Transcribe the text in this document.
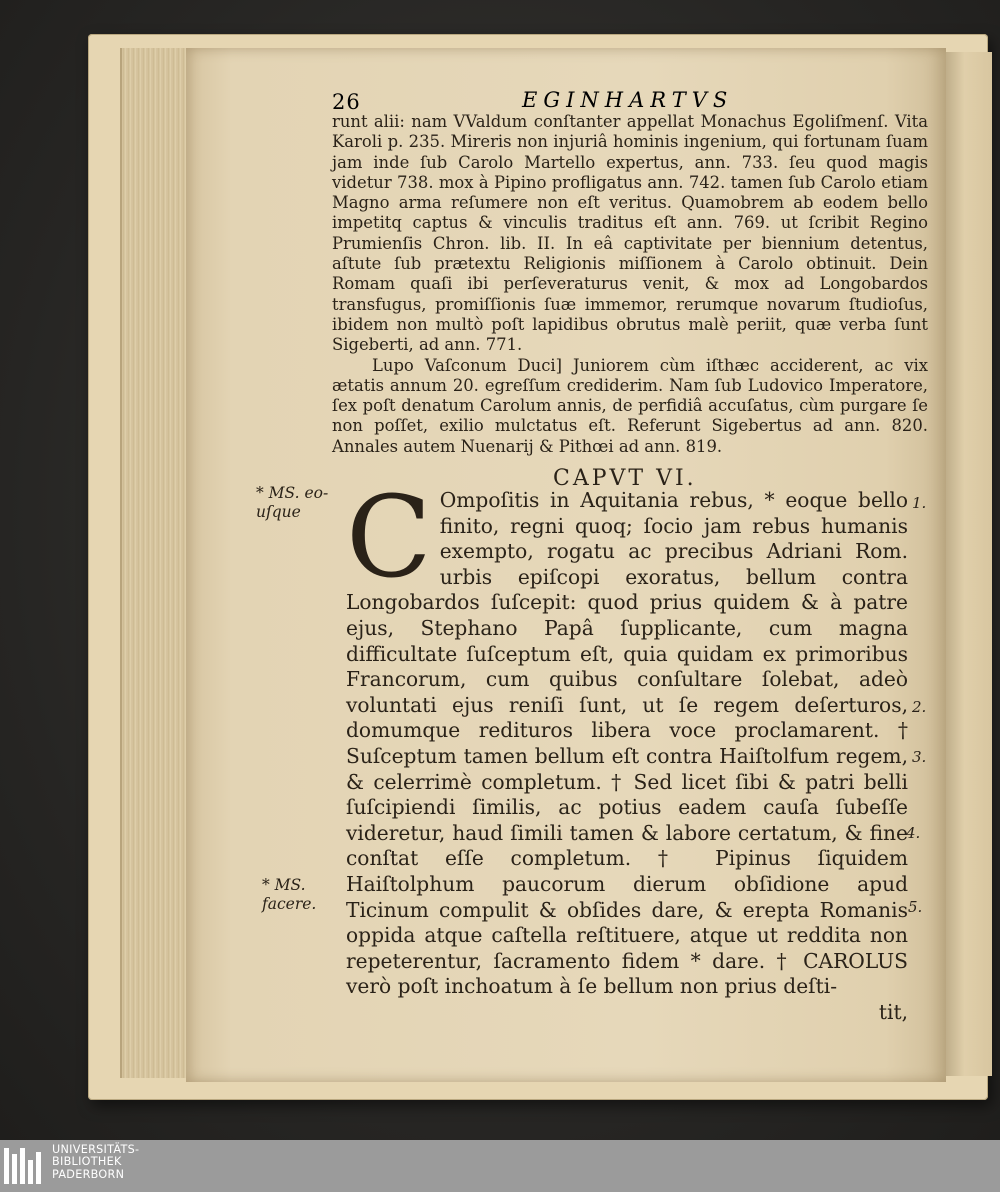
26	EGINHARTVS

runt alii: nam VValdum conſtanter appellat Monachus Egoliſmenſ. Vita Karoli p. 235. Mireris non injuriâ hominis ingenium, qui fortunam ſuam jam inde ſub Carolo Martello expertus, ann. 733. ſeu quod magis videtur 738. mox à Pipino profligatus ann. 742. tamen ſub Carolo etiam Magno arma reſumere non eſt veritus. Quamobrem ab eodem bello impetitq captus & vinculis traditus eſt ann. 769. ut ſcribit Regino Prumienſis Chron. lib. II. In eâ captivitate per biennium detentus, aſtute ſub prætextu Religionis miſſionem à Carolo obtinuit. Dein Romam quaſi ibi perſeveraturus venit, & mox ad Longobardos transfugus, promiſſionis ſuæ immemor, rerumque novarum ſtudioſus, ibidem non multò poſt lapidibus obrutus malè periit, quæ verba ſunt Sigeberti, ad ann. 771.

Lupo Vaſconum Duci] Juniorem cùm iſthæc acciderent, ac vix ætatis annum 20. egreſſum crediderim. Nam ſub Ludovico Imperatore, ſex poſt denatum Carolum annis, de perfidiâ accuſatus, cùm purgare ſe non poſſet, exilio mulctatus eſt. Referunt Sigebertus ad ann. 820. Annales autem Nuenarij & Pithœi ad ann. 819.

CAPVT VI.
C Ompoſitis in Aquitania rebus, * eoque bello finito, regni quoq; ſocio jam rebus humanis exempto, rogatu ac precibus Adriani Rom. urbis epiſcopi exoratus, bellum contra Longobardos ſuſcepit: quod prius quidem & à patre ejus, Stephano Papâ ſupplicante, cum magna difficultate ſuſceptum eſt, quia quidam ex primoribus Francorum, cum quibus conſultare ſolebat, adeò voluntati ejus reniſi ſunt, ut ſe regem deſerturos, domumque redituros libera voce proclamarent. † Suſceptum tamen bellum eſt contra Haiſtolfum regem, & celerrimè completum. † Sed licet ſibi & patri belli ſuſcipiendi ſimilis, ac potius eadem cauſa ſubeſſe videretur, haud ſimili tamen & labore certatum, & fine conſtat eſſe completum. † Pipinus ſiquidem Haiſtolphum paucorum dierum obſidione apud Ticinum compulit & obſides dare, & erepta Romanis oppida atque caſtella reſtituere, atque ut reddita non repeterentur, ſacramento fidem * dare. † CAROLUS verò poſt inchoatum à ſe bellum non prius deſti-

tit,
* MS. eo-uſque
* MS. facere.
1.
2.
3.
4.
5.
UNIVERSITÄTS-
BIBLIOTHEK
PADERBORN
